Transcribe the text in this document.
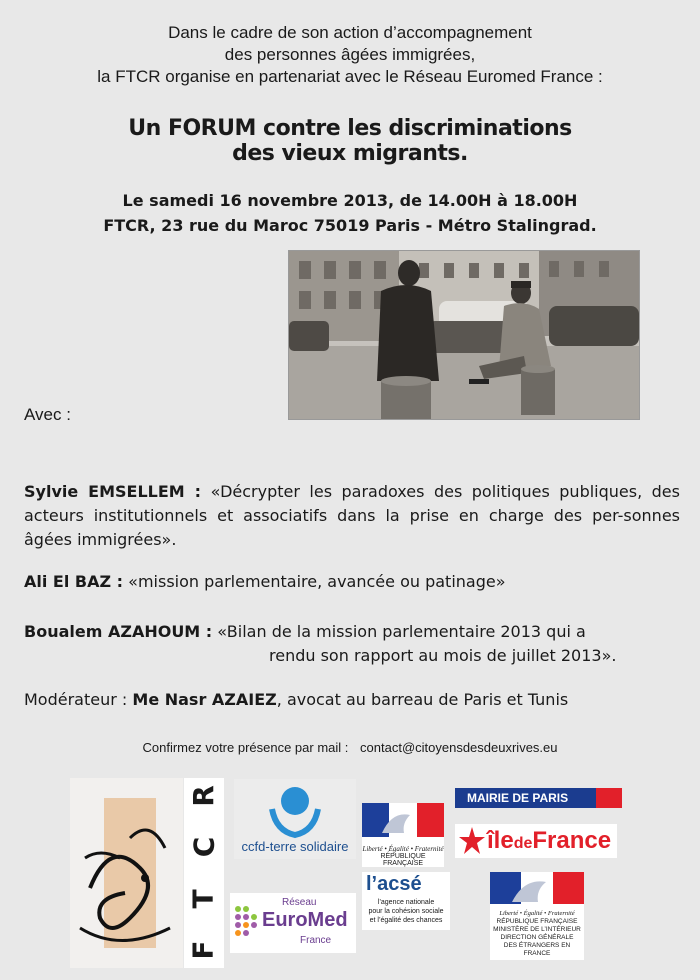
Dans le cadre de son action d’accompagnement
des personnes âgées immigrées,
la FTCR organise en partenariat avec le Réseau Euromed France :
Un FORUM contre les discriminations
des vieux migrants.
Le samedi 16 novembre 2013, de 14.00H à 18.00H
FTCR, 23 rue du Maroc 75019 Paris - Métro Stalingrad.
Avec :
Sylvie EMSELLEM : «Décrypter les paradoxes des politiques publiques, des acteurs institutionnels et associatifs dans la prise en charge des per-sonnes âgées immigrées».
Ali El BAZ : «mission parlementaire, avancée ou patinage»
Boualem AZAHOUM : «Bilan de la mission parlementaire 2013 qui a
rendu son rapport au mois de juillet 2013».
Modérateur : Me Nasr AZAIEZ, avocat au barreau de Paris et Tunis
Confirmez votre présence par mail : contact@citoyensdesdeuxrives.eu
R
C
T
F
ccfd-terre solidaire
Réseau
EuroMed
France
Liberté • Égalité • Fraternité
RÉPUBLIQUE FRANÇAISE
l’acsé
l’agence nationale
pour la cohésion sociale
et l’égalité des chances
MAIRIE DE PARIS
îledeFrance
Liberté • Égalité • Fraternité
RÉPUBLIQUE FRANÇAISE
MINISTÈRE DE L’INTÉRIEUR
DIRECTION GÉNÉRALE
DES ÉTRANGERS EN FRANCE
